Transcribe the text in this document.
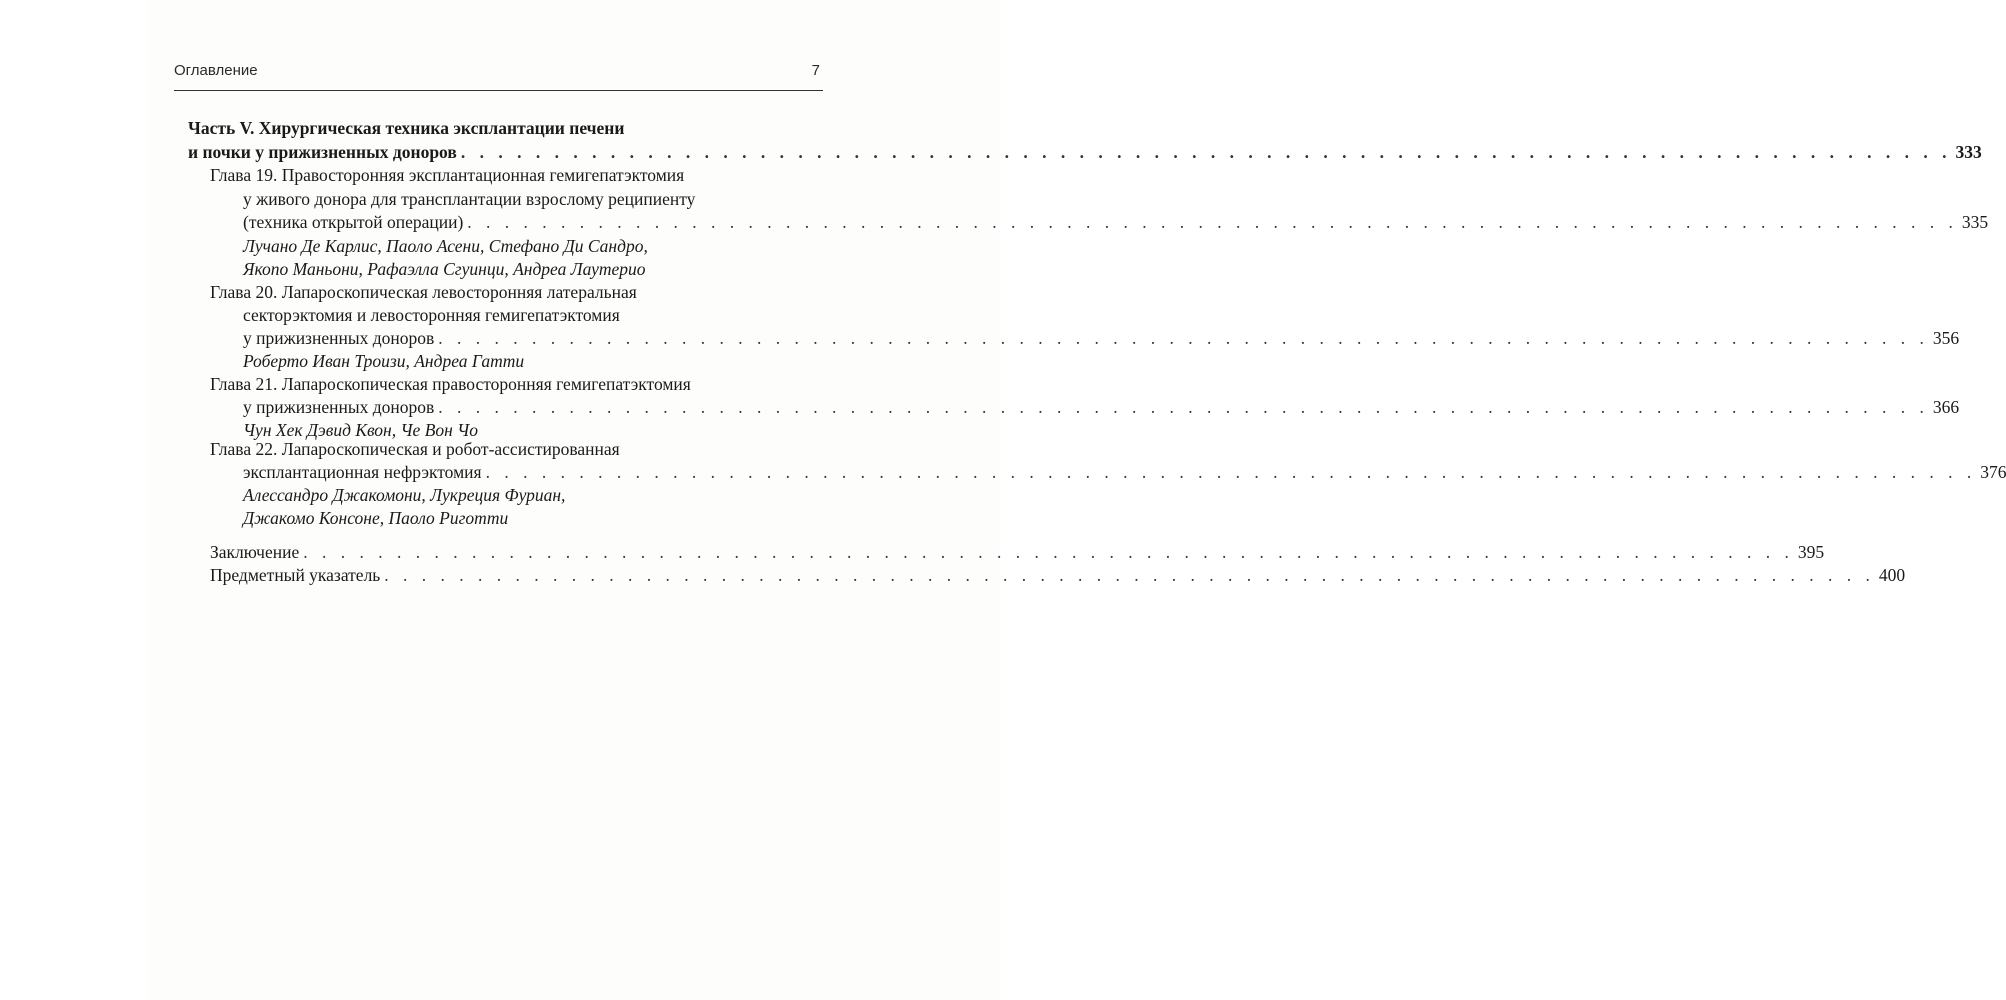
Оглавление	7
Часть V. Хирургическая техника эксплантации печени
и почки у прижизненных доноров . . . . . . . . . . . . . . . . . . . . . . . . . . . . . . . . . . . . . . . . . . . . . . . . . . . . . . . . . . . . . . . . . . . . . . . . . . . . . . . . 333
Глава 19. Правосторонняя эксплантационная гемигепатэктомия
у живого донора для трансплантации взрослому реципиенту
(техника открытой операции) . . . . . . . . . . . . . . . . . . . . . . . . . . . . . . . . . . . . . . . . . . . . . . . . . . . . . . . . . . . . . . . . . . . . . . . . . . . . . . . . 335
Лучано Де Карлис, Паоло Асени, Стефано Ди Сандро,
Якопо Маньони, Рафаэлла Сгуинци, Андреа Лаутерио
Глава 20. Лапароскопическая левосторонняя латеральная
секторэктомия и левосторонняя гемигепатэктомия
у прижизненных доноров . . . . . . . . . . . . . . . . . . . . . . . . . . . . . . . . . . . . . . . . . . . . . . . . . . . . . . . . . . . . . . . . . . . . . . . . . . . . . . . . 356
Роберто Иван Троизи, Андреа Гатти
Глава 21. Лапароскопическая правосторонняя гемигепатэктомия
у прижизненных доноров . . . . . . . . . . . . . . . . . . . . . . . . . . . . . . . . . . . . . . . . . . . . . . . . . . . . . . . . . . . . . . . . . . . . . . . . . . . . . . . . 366
Чун Хек Дэвид Квон, Че Вон Чо
Глава 22. Лапароскопическая и робот-ассистированная
эксплантационная нефрэктомия . . . . . . . . . . . . . . . . . . . . . . . . . . . . . . . . . . . . . . . . . . . . . . . . . . . . . . . . . . . . . . . . . . . . . . . . . . . . . . . . 376
Алессандро Джакомони, Лукреция Фуриан,
Джакомо Консоне, Паоло Риготти
Заключение . . . . . . . . . . . . . . . . . . . . . . . . . . . . . . . . . . . . . . . . . . . . . . . . . . . . . . . . . . . . . . . . . . . . . . . . . . . . . . . . 395
Предметный указатель . . . . . . . . . . . . . . . . . . . . . . . . . . . . . . . . . . . . . . . . . . . . . . . . . . . . . . . . . . . . . . . . . . . . . . . . . . . . . . . . 400
